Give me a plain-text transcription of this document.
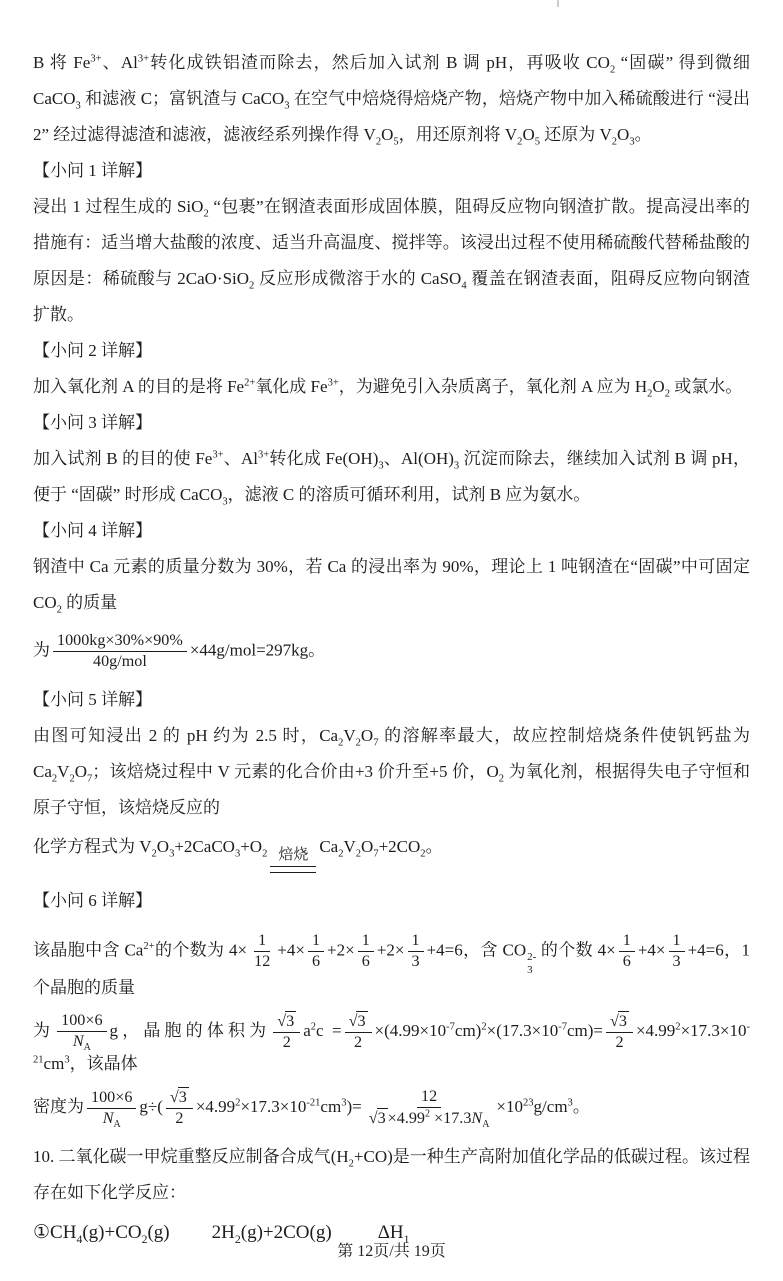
B 将 $Fe^{3+}$、$Al^{3+}$转化成铁铝渣而除去，然后加入试剂 B 调 pH，再吸收 $CO_2$ “固碳” 得到微细 CaCO$_3$ 和滤液 C；富钒渣与 CaCO$_3$ 在空气中焙烧得焙烧产物，焙烧产物中加入稀硫酸进行 “浸出 2” 经过滤得滤渣和滤液，滤液经系列操作得 $V_2O_5$，用还原剂将 $V_2O_5$ 还原为 $V_2O_3$。
【小问 1 详解】
浸出 1 过程生成的 SiO$_2$ “包裹”在钢渣表面形成固体膜，阻碍反应物向钢渣扩散。提高浸出率的措施有：适当增大盐酸的浓度、适当升高温度、搅拌等。该浸出过程不使用稀硫酸代替稀盐酸的原因是：稀硫酸与 2CaO·SiO$_2$ 反应形成微溶于水的 CaSO$_4$ 覆盖在钢渣表面，阻碍反应物向钢渣扩散。
【小问 2 详解】
加入氧化剂 A 的目的是将 $Fe^{2+}$氧化成 $Fe^{3+}$，为避免引入杂质离子，氧化剂 A 应为 $H_2O_2$ 或氯水。
【小问 3 详解】
加入试剂 B 的目的使 $Fe^{3+}$、$Al^{3+}$转化成 $Fe(OH)_3$、$Al(OH)_3$ 沉淀而除去，继续加入试剂 B 调 pH，便于 “固碳” 时形成 CaCO$_3$，滤液 C 的溶质可循环利用，试剂 B 应为氨水。
【小问 4 详解】
钢渣中 Ca 元素的质量分数为 30%，若 Ca 的浸出率为 90%，理论上 1 吨钢渣在“固碳”中可固定 $CO_2$ 的质量
为 $\frac{1000kg\times 30\%\times 90\%}{\text{40g/mol}} \times 44g/mol=297kg$。
【小问 5 详解】
由图可知浸出 2 的 pH 约为 2.5 时，$Ca_2V_2O_7$ 的溶解率最大，故应控制焙烧条件使钒钙盐为 $Ca_2V_2O_7$；该焙烧过程中 V 元素的化合价由+3 价升至+5 价，$O_2$ 为氧化剂，根据得失电子守恒和原子守恒，该焙烧反应的
化学方程式为 $V_2O_3+2CaCO_3+O_2$ 焙烧 $Ca_2V_2O_7+2CO_2$。
【小问 6 详解】
该晶胞中含 $Ca^{2+}$的个数为 $4\times \frac{1}{12} +4\times \frac{1}{6} +2\times \frac{1}{6} +2\times \frac{1}{3} +4=6$，含 CO 2-
3
的个数 $4\times \frac{1}{6} +4\times \frac{1}{3} +4=6$，1 个晶胞的质量
为 $\frac{100\times 6}{N_A}$ g，晶胞的体积为 $\frac{√ 3}{2} a^2c = \frac{√ 3}{2} \times(4.99\times 10^{-7}cm)^2\times(17.3\times 10^{-7}cm)= \frac{√ 3}{2} \times 4.99^2\times 17.3\times 10^{-21}cm^3$，该晶体
密度为 $\frac{100\times 6}{N_A} g\div( \frac{√ 3}{2} \times 4.99^2\times 17.3\times 10^{-21}cm^3)= \frac{12}{√ 3 \times 4.99^2 \times 17.3N_A} \times 10^{23}g/cm^3$。
10. 二氧化碳一甲烷重整反应制备合成气$(H_2+CO)$是一种生产高附加值化学品的低碳过程。该过程存在如下化学反应：
$①CH_4(g)+CO_2(g)$ $2H_2(g)+2CO(g)$ $\Delta H_1$
第 12页/共 19页
